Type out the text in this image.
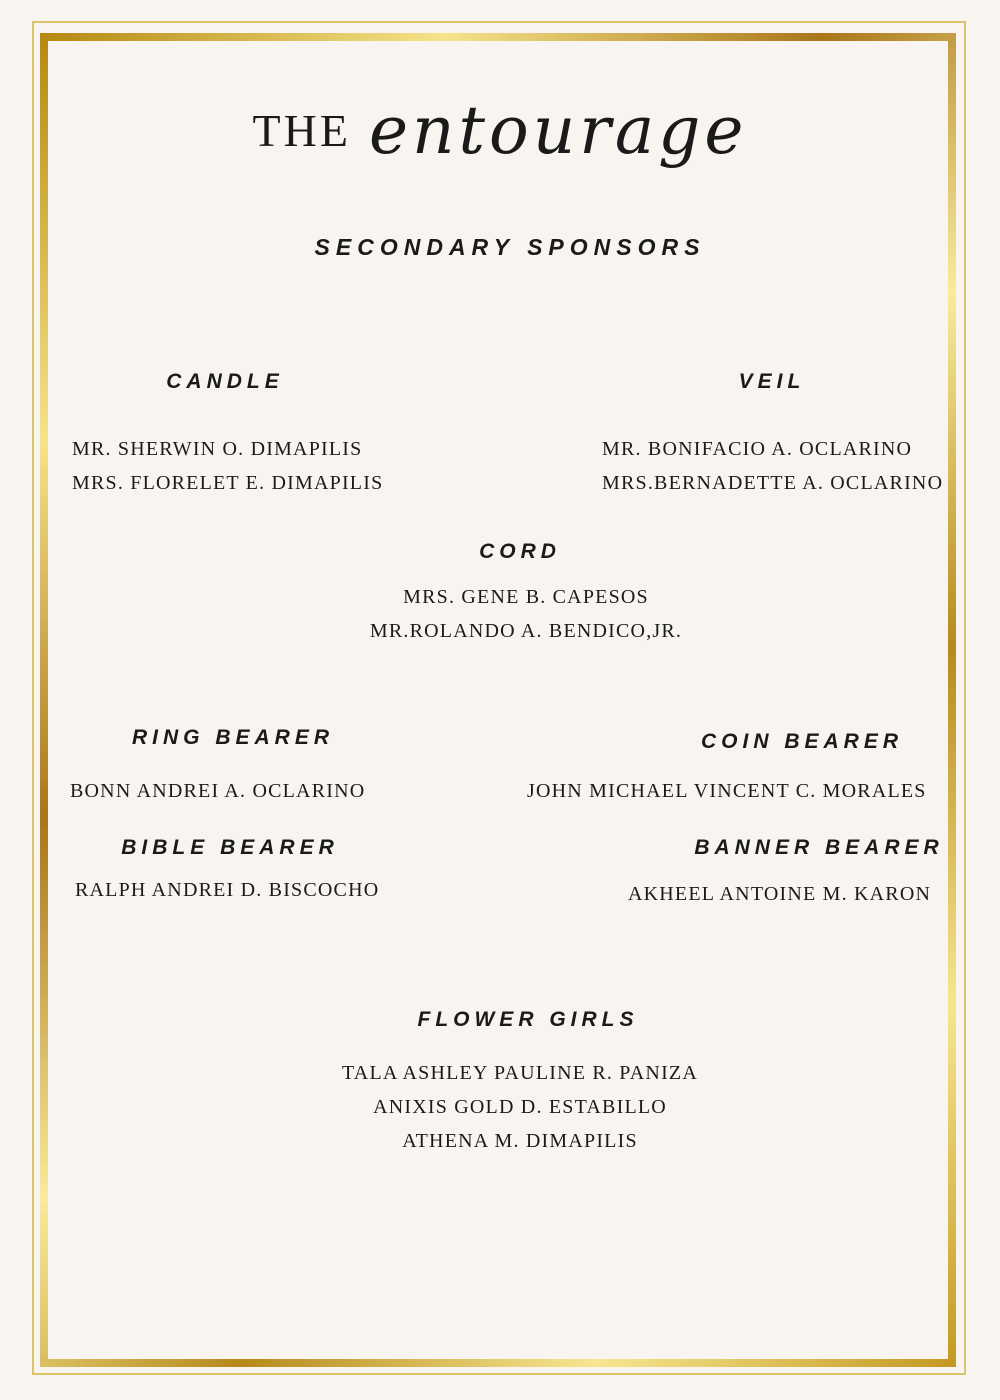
THE entourage
SECONDARY SPONSORS
CANDLE
MR. SHERWIN O. DIMAPILIS
MRS. FLORELET E. DIMAPILIS
VEIL
MR. BONIFACIO A. OCLARINO
MRS.BERNADETTE A. OCLARINO
CORD
MRS. GENE B. CAPESOS
MR.ROLANDO A. BENDICO,JR.
RING BEARER
BONN ANDREI A. OCLARINO
COIN BEARER
JOHN MICHAEL VINCENT C. MORALES
BIBLE BEARER
RALPH ANDREI D. BISCOCHO
BANNER BEARER
AKHEEL ANTOINE M. KARON
FLOWER GIRLS
TALA ASHLEY PAULINE R. PANIZA
ANIXIS GOLD D. ESTABILLO
ATHENA M. DIMAPILIS
